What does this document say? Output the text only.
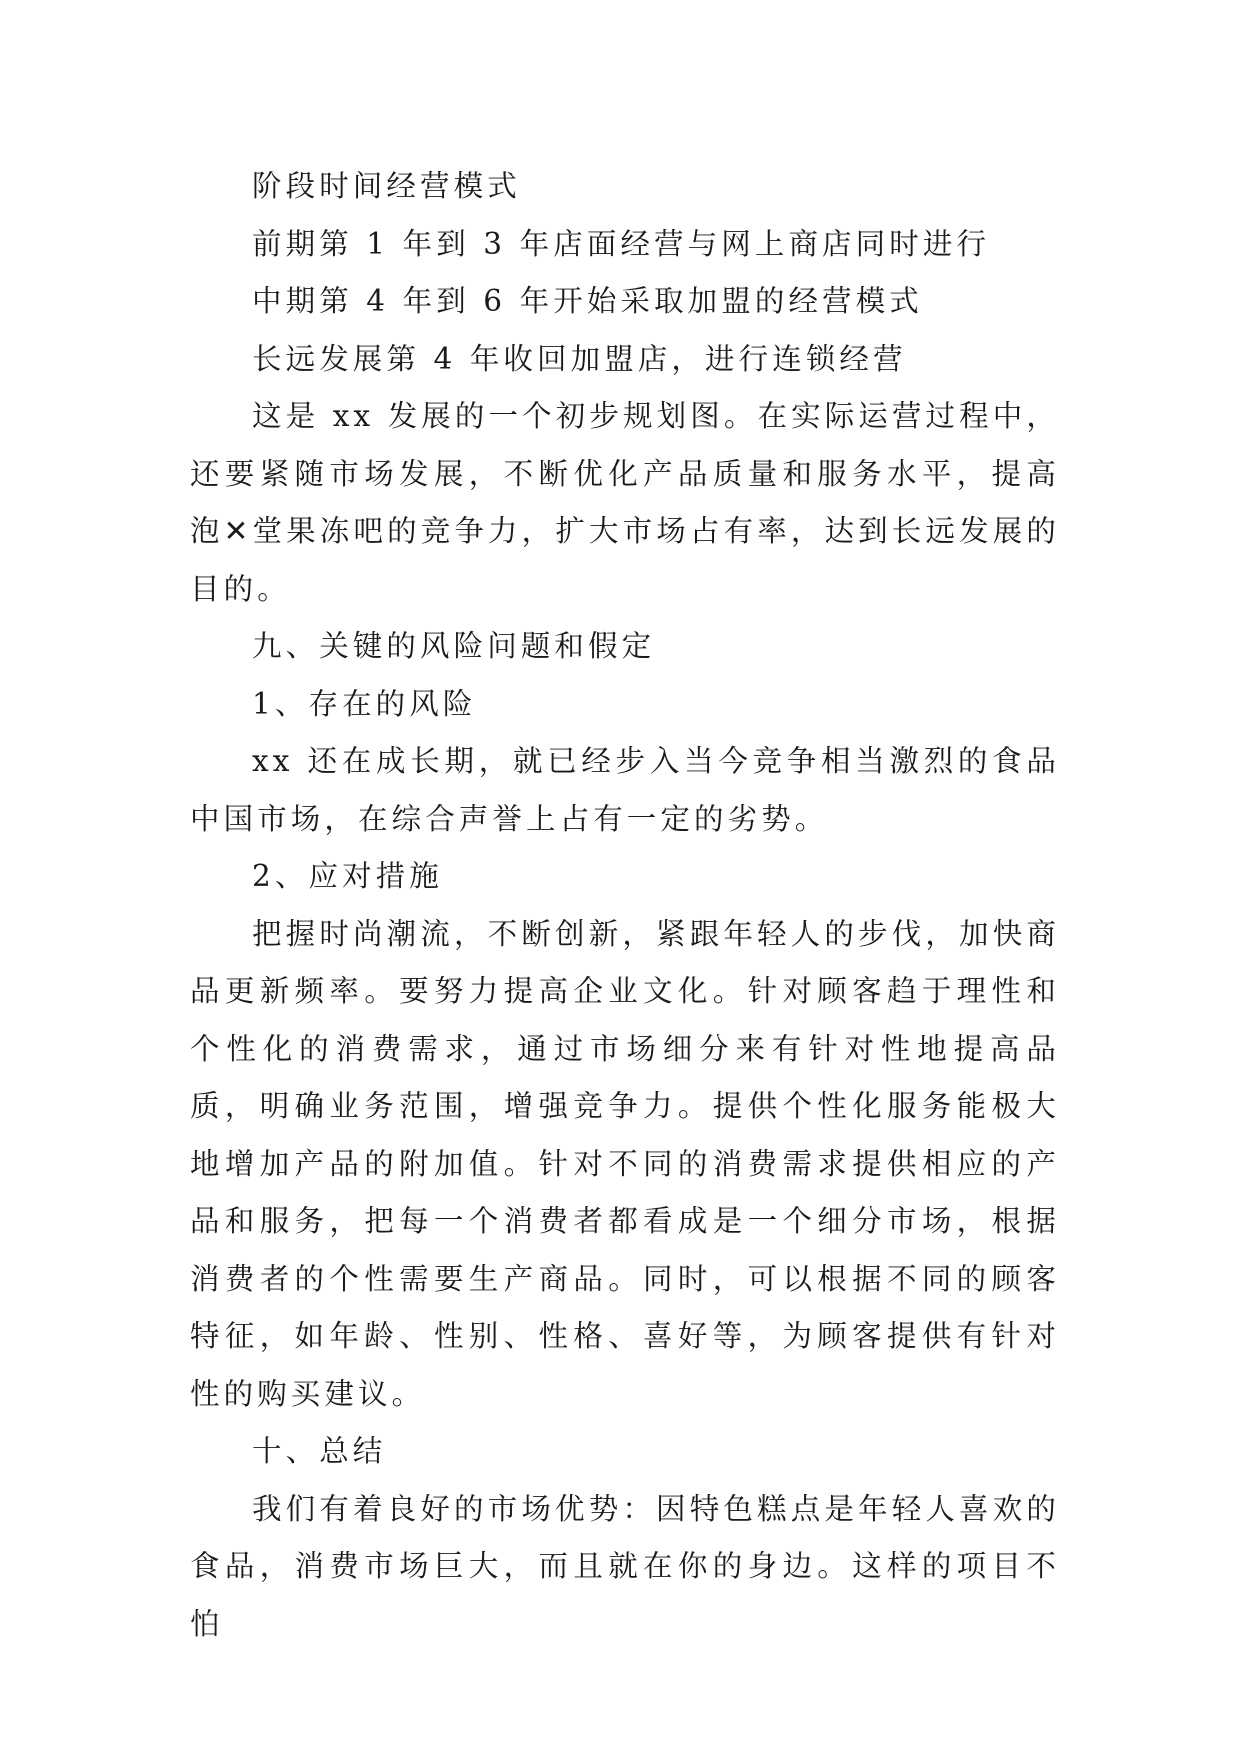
阶段时间经营模式

前期第 1 年到 3 年店面经营与网上商店同时进行

中期第 4 年到 6 年开始采取加盟的经营模式

长远发展第 4 年收回加盟店，进行连锁经营

这是 xx 发展的一个初步规划图。在实际运营过程中，还要紧随市场发展，不断优化产品质量和服务水平，提高泡✕堂果冻吧的竞争力，扩大市场占有率，达到长远发展的目的。

九、关键的风险问题和假定

1、存在的风险

xx 还在成长期，就已经步入当今竞争相当激烈的食品中国市场，在综合声誉上占有一定的劣势。

2、应对措施

把握时尚潮流，不断创新，紧跟年轻人的步伐，加快商品更新频率。要努力提高企业文化。针对顾客趋于理性和个性化的消费需求，通过市场细分来有针对性地提高品质，明确业务范围，增强竞争力。提供个性化服务能极大地增加产品的附加值。针对不同的消费需求提供相应的产品和服务，把每一个消费者都看成是一个细分市场，根据消费者的个性需要生产商品。同时，可以根据不同的顾客特征，如年龄、性别、性格、喜好等，为顾客提供有针对性的购买建议。

十、总结

我们有着良好的市场优势：因特色糕点是年轻人喜欢的食品，消费市场巨大，而且就在你的身边。这样的项目不怕
